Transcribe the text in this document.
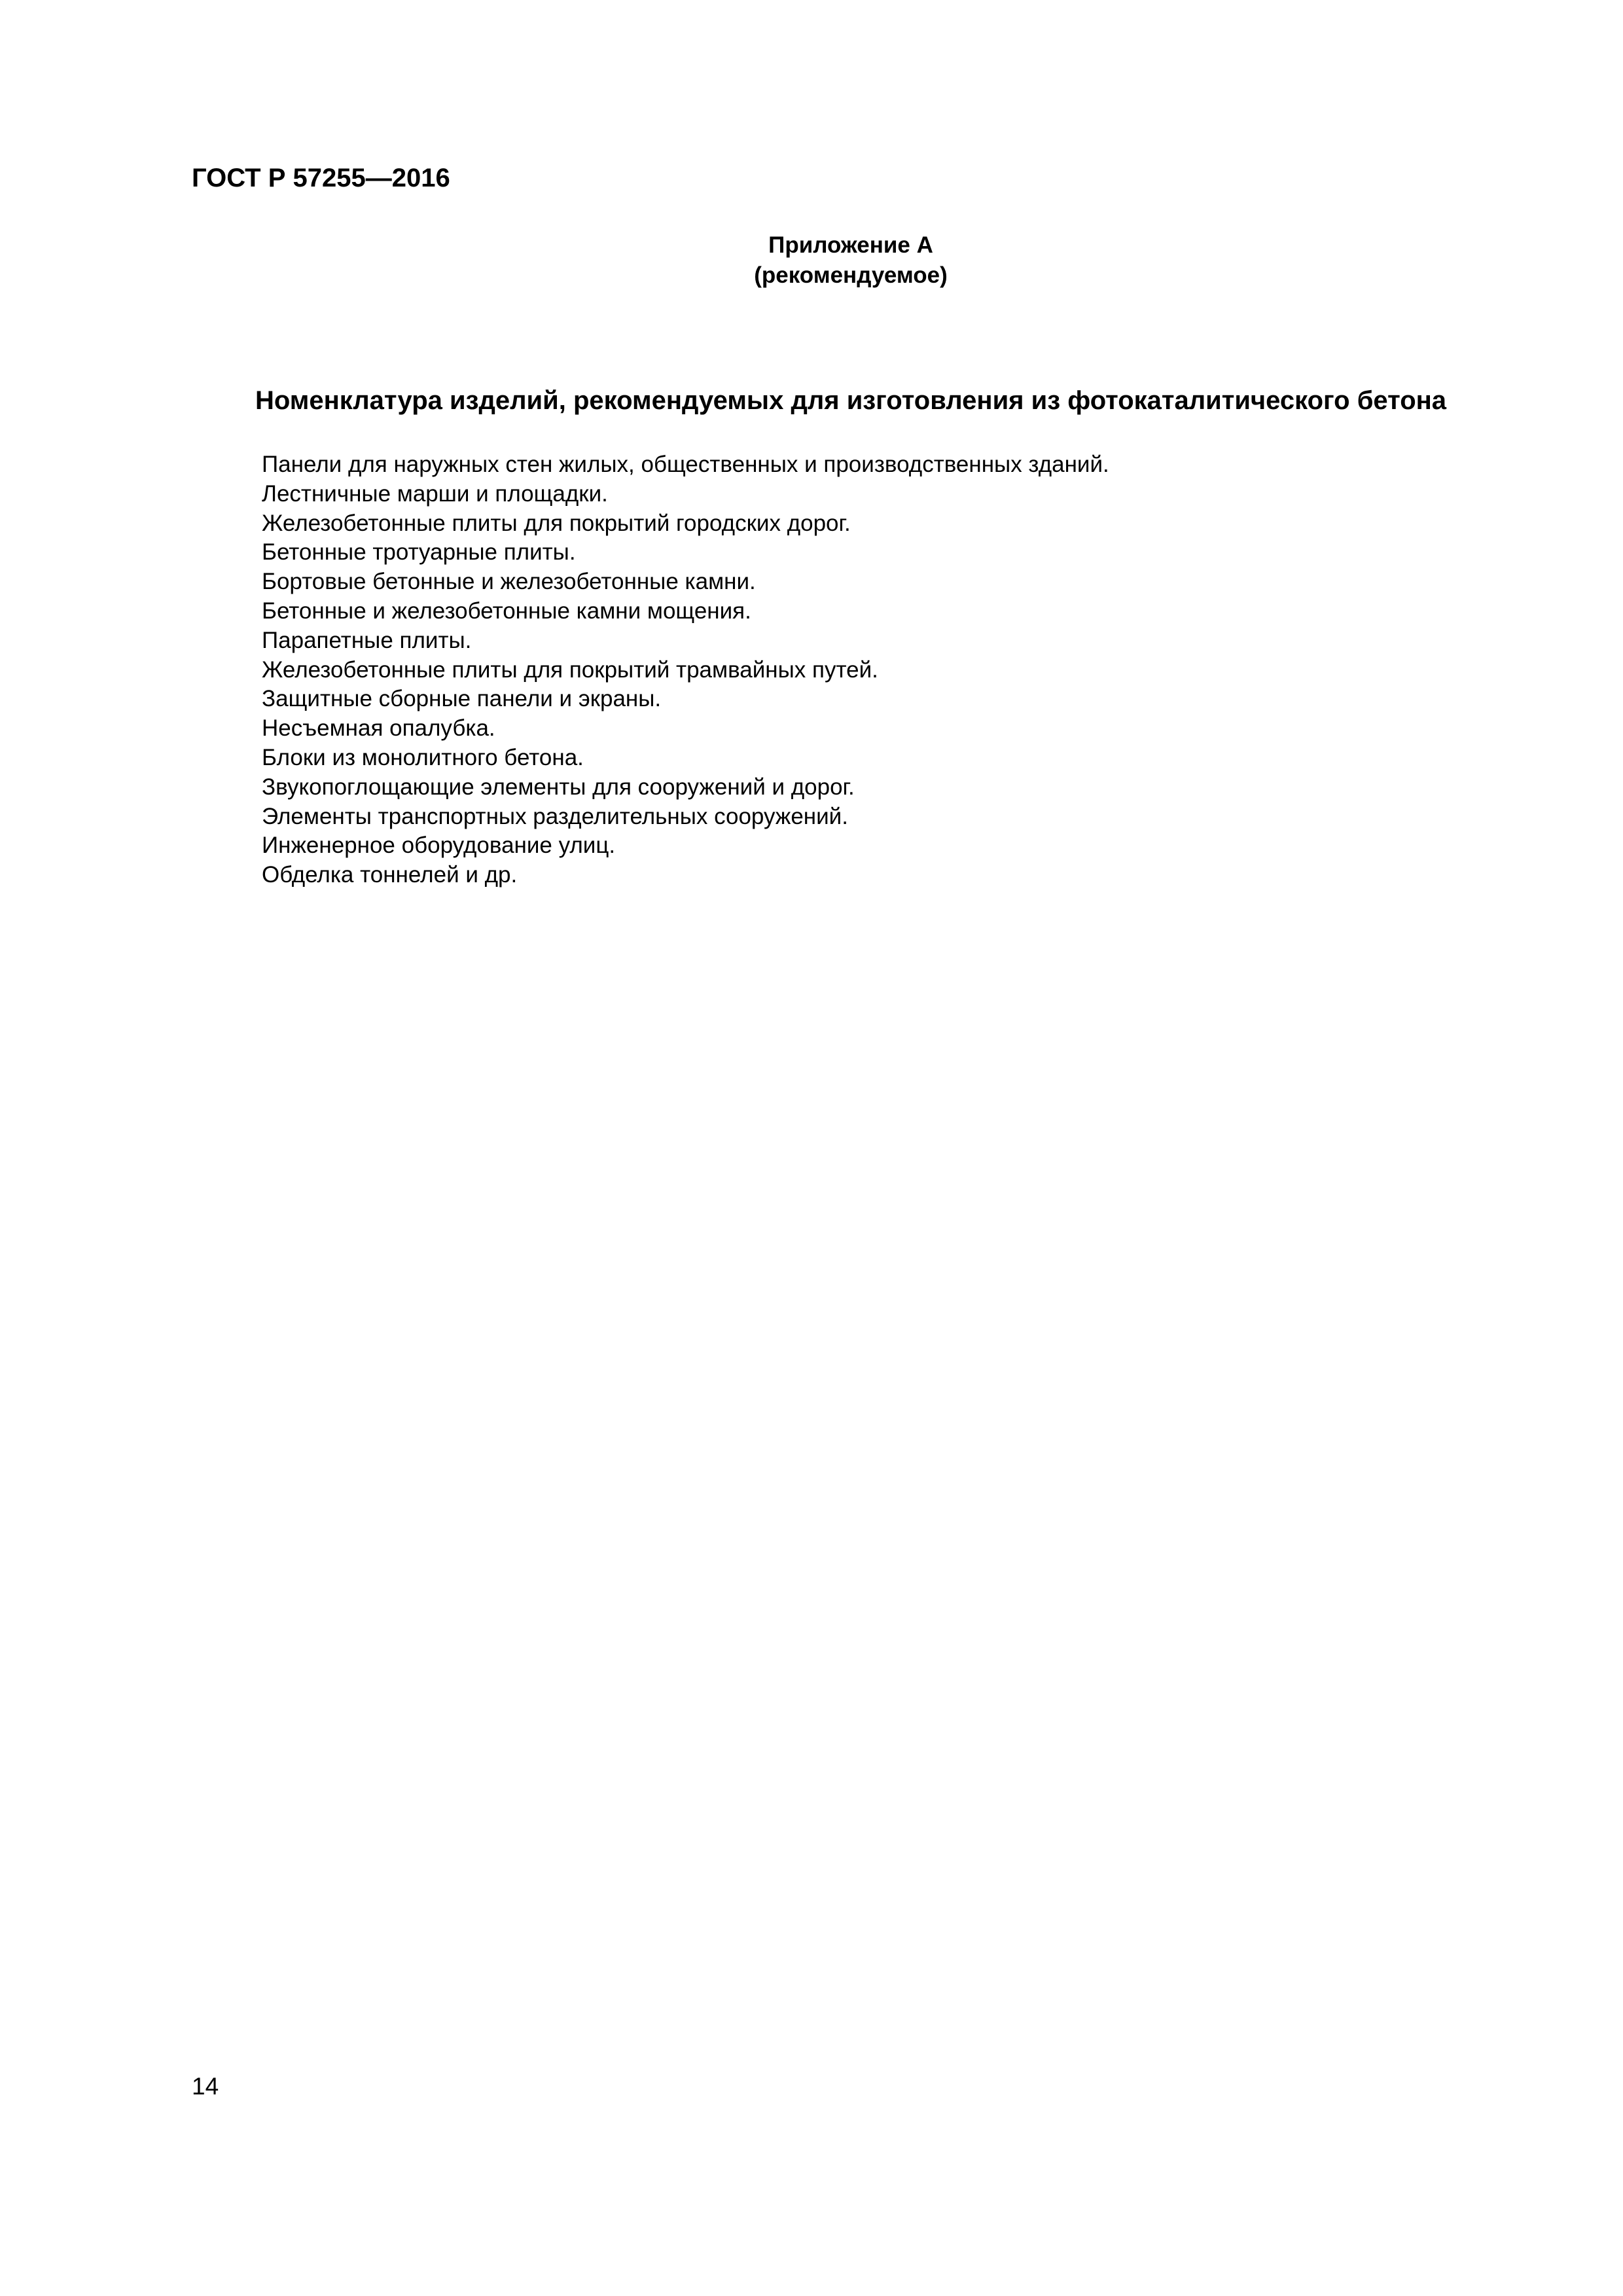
ГОСТ Р 57255—2016
Приложение А
(рекомендуемое)
Номенклатура изделий, рекомендуемых для изготовления из фотокаталитического бетона
Панели для наружных стен жилых, общественных и производственных зданий.
Лестничные марши и площадки.
Железобетонные плиты для покрытий городских дорог.
Бетонные тротуарные плиты.
Бортовые бетонные и железобетонные камни.
Бетонные и железобетонные камни мощения.
Парапетные плиты.
Железобетонные плиты для покрытий трамвайных путей.
Защитные сборные панели и экраны.
Несъемная опалубка.
Блоки из монолитного бетона.
Звукопоглощающие элементы для сооружений и дорог.
Элементы транспортных разделительных сооружений.
Инженерное оборудование улиц.
Обделка тоннелей и др.
14
